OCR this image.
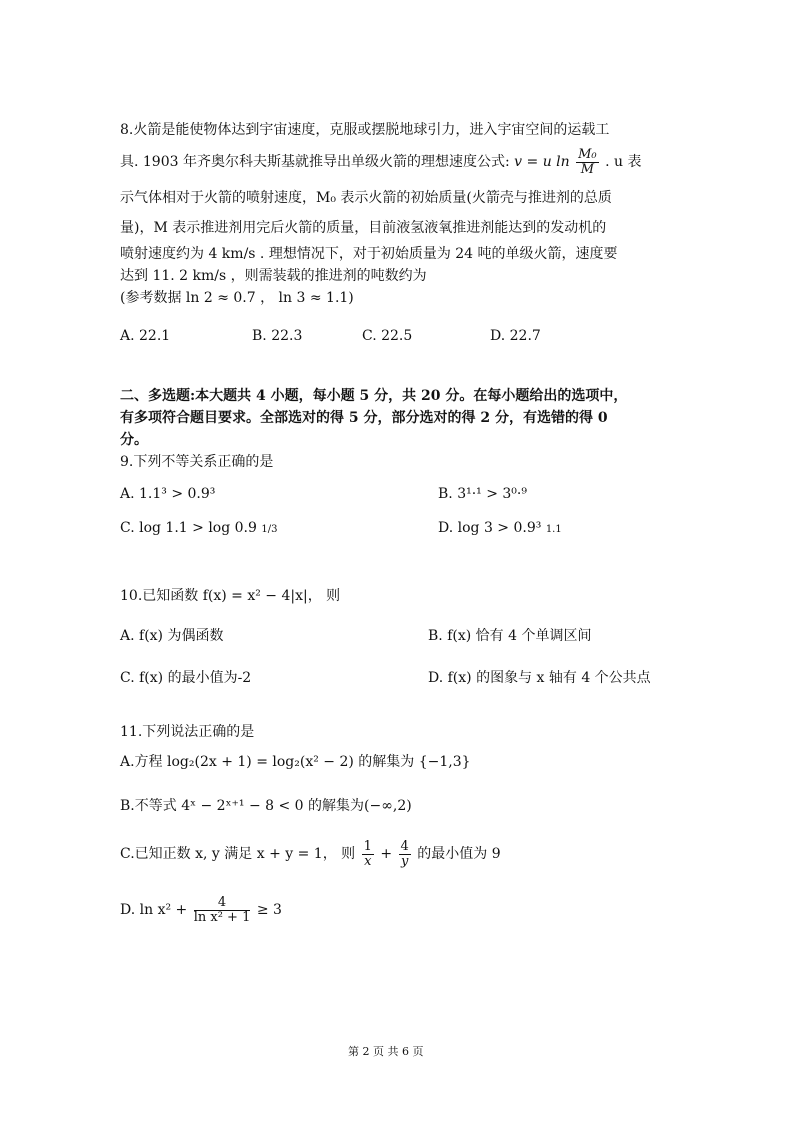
8.火箭是能使物体达到宇宙速度，克服或摆脱地球引力，进入宇宙空间的运载工
具. 1903 年齐奥尔科夫斯基就推导出单级火箭的理想速度公式: v = u $\ln \frac{\text{M₀}}{M}$ . u 表
示气体相对于火箭的喷射速度，M₀ 表示火箭的初始质量(火箭壳与推进剂的总质
量)，M 表示推进剂用完后火箭的质量，目前液氢液氧推进剂能达到的发动机的
喷射速度约为 4 km/s . 理想情况下，对于初始质量为 24 吨的单级火箭，速度要
达到 11. 2 km/s ，则需装载的推进剂的吨数约为
(参考数据 ln 2 ≈ 0.7 ， ln 3 ≈ 1.1)
A. 22.1	B. 22.3	C. 22.5	D. 22.7
二、多选题:本大题共 4 小题，每小题 5 分，共 20 分。在每小题给出的选项中，
有多项符合题目要求。全部选对的得 5 分，部分选对的得 2 分，有选错的得 0
分。
9.下列不等关系正确的是
A. 1.1³ > 0.9³	B. 3¹·¹ > 3⁰·⁹
C. log 1.1 > log 0.9 1/3	D. log 3 > 0.9³ 1.1
10.已知函数 f(x) = x² − 4|x|， 则
A. f(x) 为偶函数	B. f(x) 恰有 4 个单调区间
C. f(x) 的最小值为-2	D. f(x) 的图象与 x 轴有 4 个公共点
11.下列说法正确的是
A.方程 log₂(2x + 1) = log₂(x² − 2) 的解集为 {−1,3}
B.不等式 4ˣ − 2ˣ⁺¹ − 8 < 0 的解集为(−∞,2)
C.已知正数 x, y 满足 x + y = 1， 则 $\frac{1}{x} + \frac{4}{y}$ 的最小值为 9
D. $\ln x^2 + \frac{4}{\text{ln x² + 1}} \ge 3$
第 2 页 共 6 页
